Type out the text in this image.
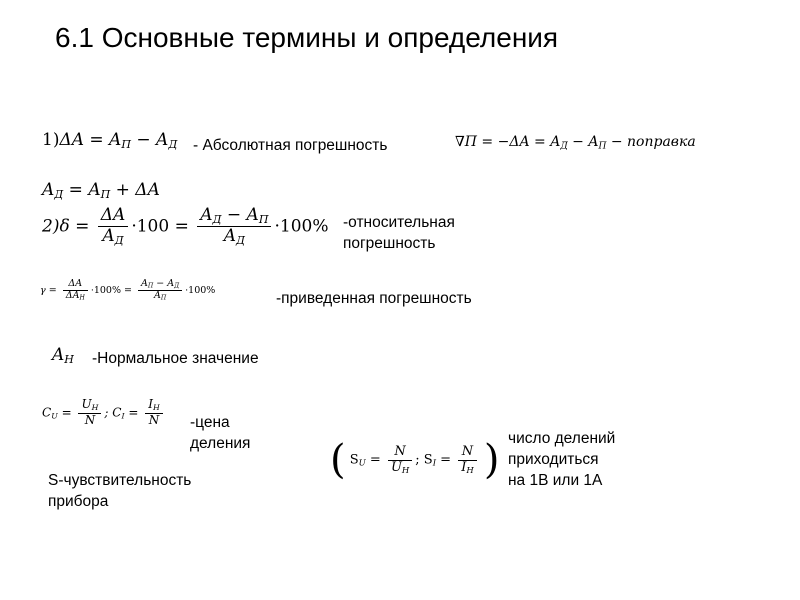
6.1 Основные термины и определения
$1)\Delta A = A_П - A_Д$ - Абсолютная погрешность	$\nabla\Pi = -\Delta A = A_Д - A_П$ − поправка
$A_Д = A_П + \Delta A$
$2)\delta = \frac{\Delta A}{A_Д} \cdot 100 = \frac{A_Д - A_П}{A_Д} \cdot 100\%$ -относительная
погрешность
$\gamma = \frac{\Delta A}{\Delta A_Н} \cdot 100\% = \frac{A_П - A_Д}{A_П} \cdot 100\%$	-приведенная погрешность
$A_Н$ -Нормальное значение
$C_U = \frac{U_Н}{N}$ ; $C_I = \frac{I_Н}{N}$ -цена
деления
S-чувствительность
прибора
( $S_U = \frac{N}{U_Н}$ ; $S_I = \frac{N}{I_Н}$ ) число делений
приходиться
на 1В или 1А
